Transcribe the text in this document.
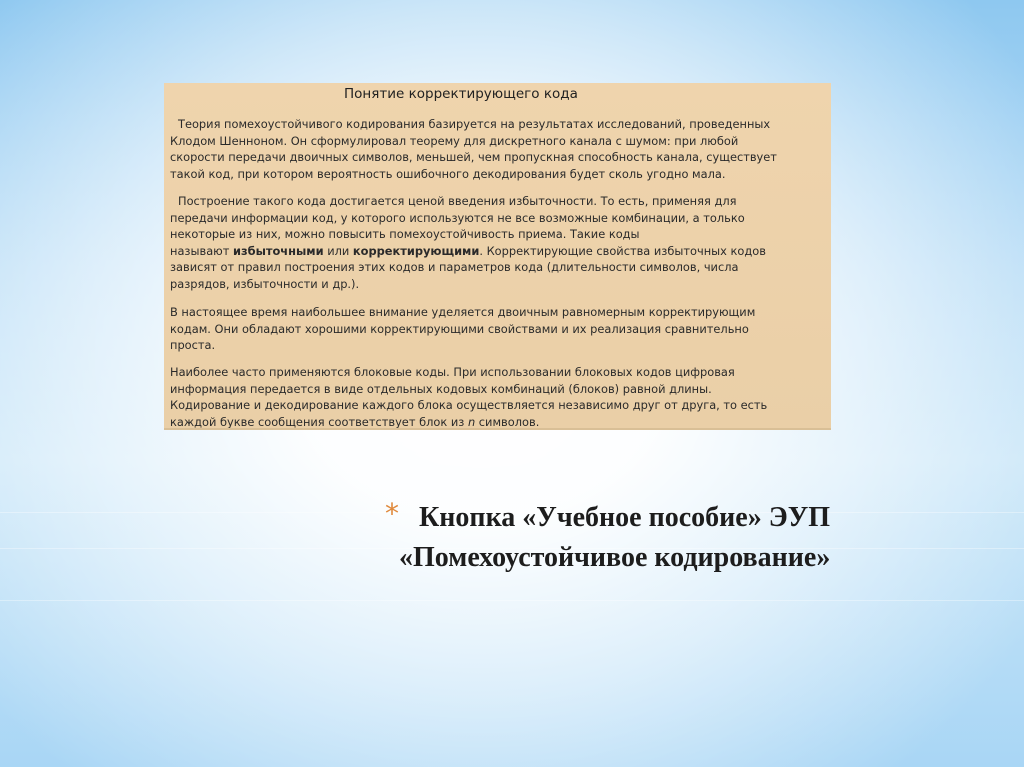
Понятие корректирующего кода
Теория помехоустойчивого кодирования базируется на результатах исследований, проведенных
Клодом Шенноном. Он сформулировал теорему для дискретного канала с шумом: при любой
скорости передачи двоичных символов, меньшей, чем пропускная способность канала, существует
такой код, при котором вероятность ошибочного декодирования будет сколь угодно мала.
Построение такого кода достигается ценой введения избыточности. То есть, применяя для
передачи информации код, у которого используются не все возможные комбинации, а только
некоторые из них, можно повысить помехоустойчивость приема. Такие коды
называют избыточными или корректирующими. Корректирующие свойства избыточных кодов
зависят от правил построения этих кодов и параметров кода (длительности символов, числа
разрядов, избыточности и др.).
В настоящее время наибольшее внимание уделяется двоичным равномерным корректирующим
кодам. Они обладают хорошими корректирующими свойствами и их реализация сравнительно
проста.
Наиболее часто применяются блоковые коды. При использовании блоковых кодов цифровая
информация передается в виде отдельных кодовых комбинаций (блоков) равной длины.
Кодирование и декодирование каждого блока осуществляется независимо друг от друга, то есть
каждой букве сообщения соответствует блок из n символов.
* Кнопка «Учебное пособие» ЭУП
«Помехоустойчивое кодирование»
